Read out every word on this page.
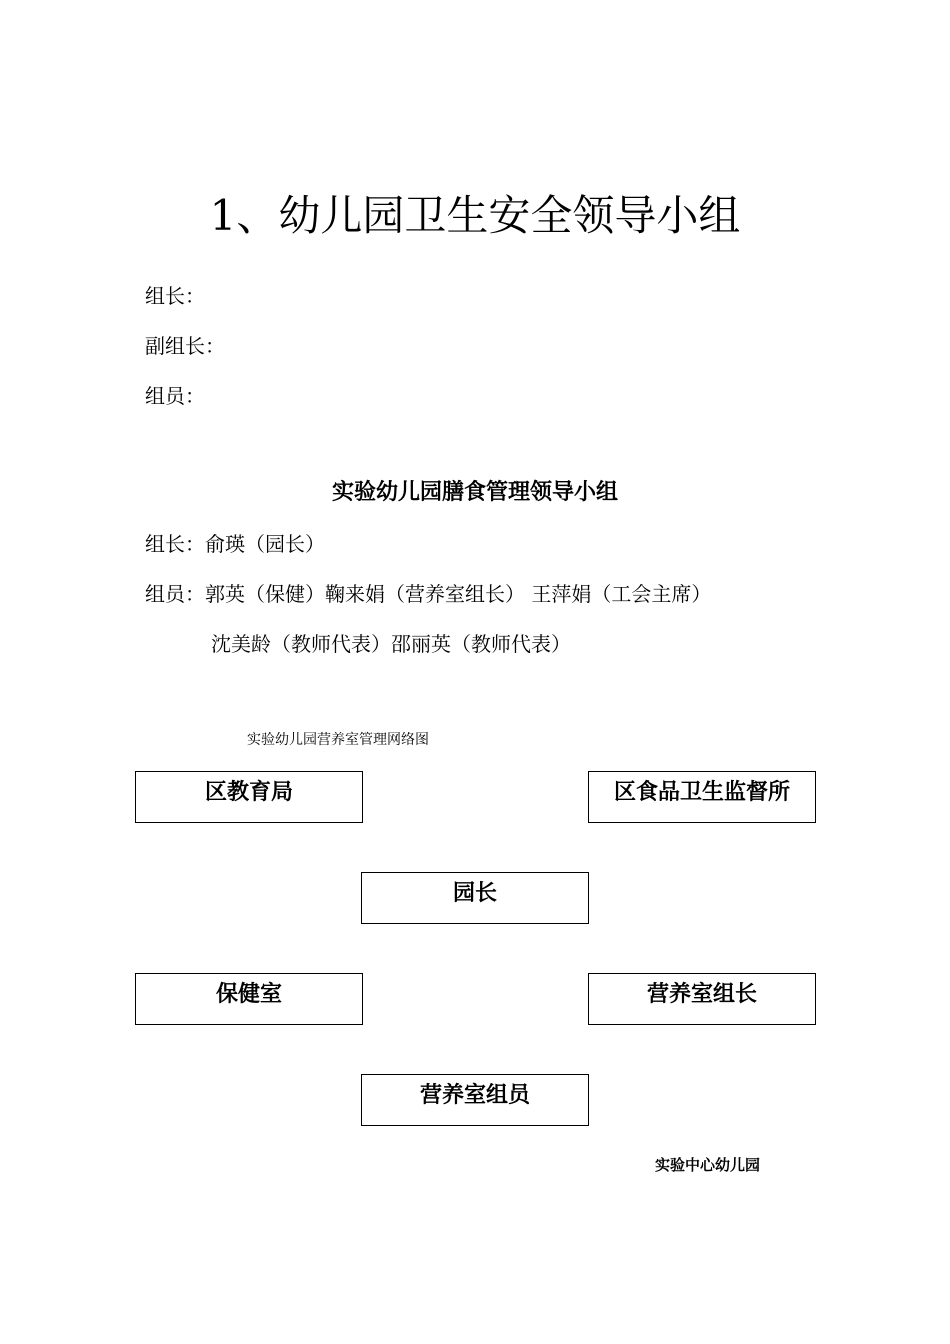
1、幼儿园卫生安全领导小组
组长：
副组长：
组员：
实验幼儿园膳食管理领导小组
组长：俞瑛（园长）
组员：郭英（保健）鞠来娟（营养室组长） 王萍娟（工会主席）
沈美龄（教师代表）邵丽英（教师代表）
实验幼儿园营养室管理网络图
区教育局	区食品卫生监督所
园长
保健室	营养室组长
营养室组员
实验中心幼儿园
